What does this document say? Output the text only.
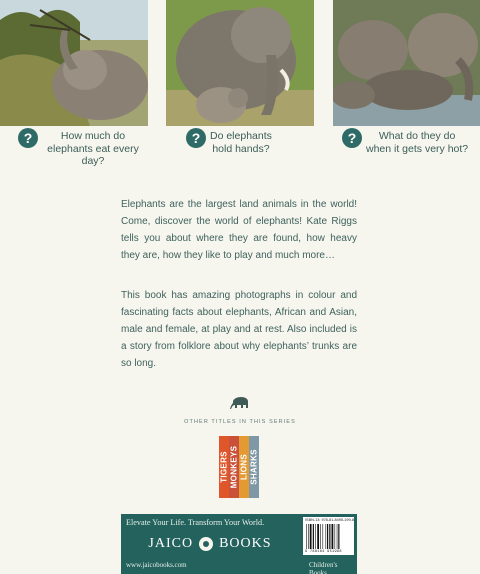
?	How much do
elephants eat every day?
? Do elephants
hold hands?
?	What do they do
when it gets very hot?

Elephants are the largest land animals in the world! Come, discover the world of elephants! Kate Riggs tells you about where they are found, how heavy they are, how they like to play and much more…

This book has amazing photographs in colour and fascinating facts about elephants, African and Asian, male and female, at play and at rest. Also included is a story from folklore about why elephants’ trunks are so long.

OTHER TITLES IN THIS SERIES
TIGERS MONKEYS LIONS SHARKS
Elevate Your Life. Transform Your World.
JAICO BOOKS
www.jaicobooks.com	Children's Books
ISBN-13: 978-81-8495-199-8
9 788184 951998
